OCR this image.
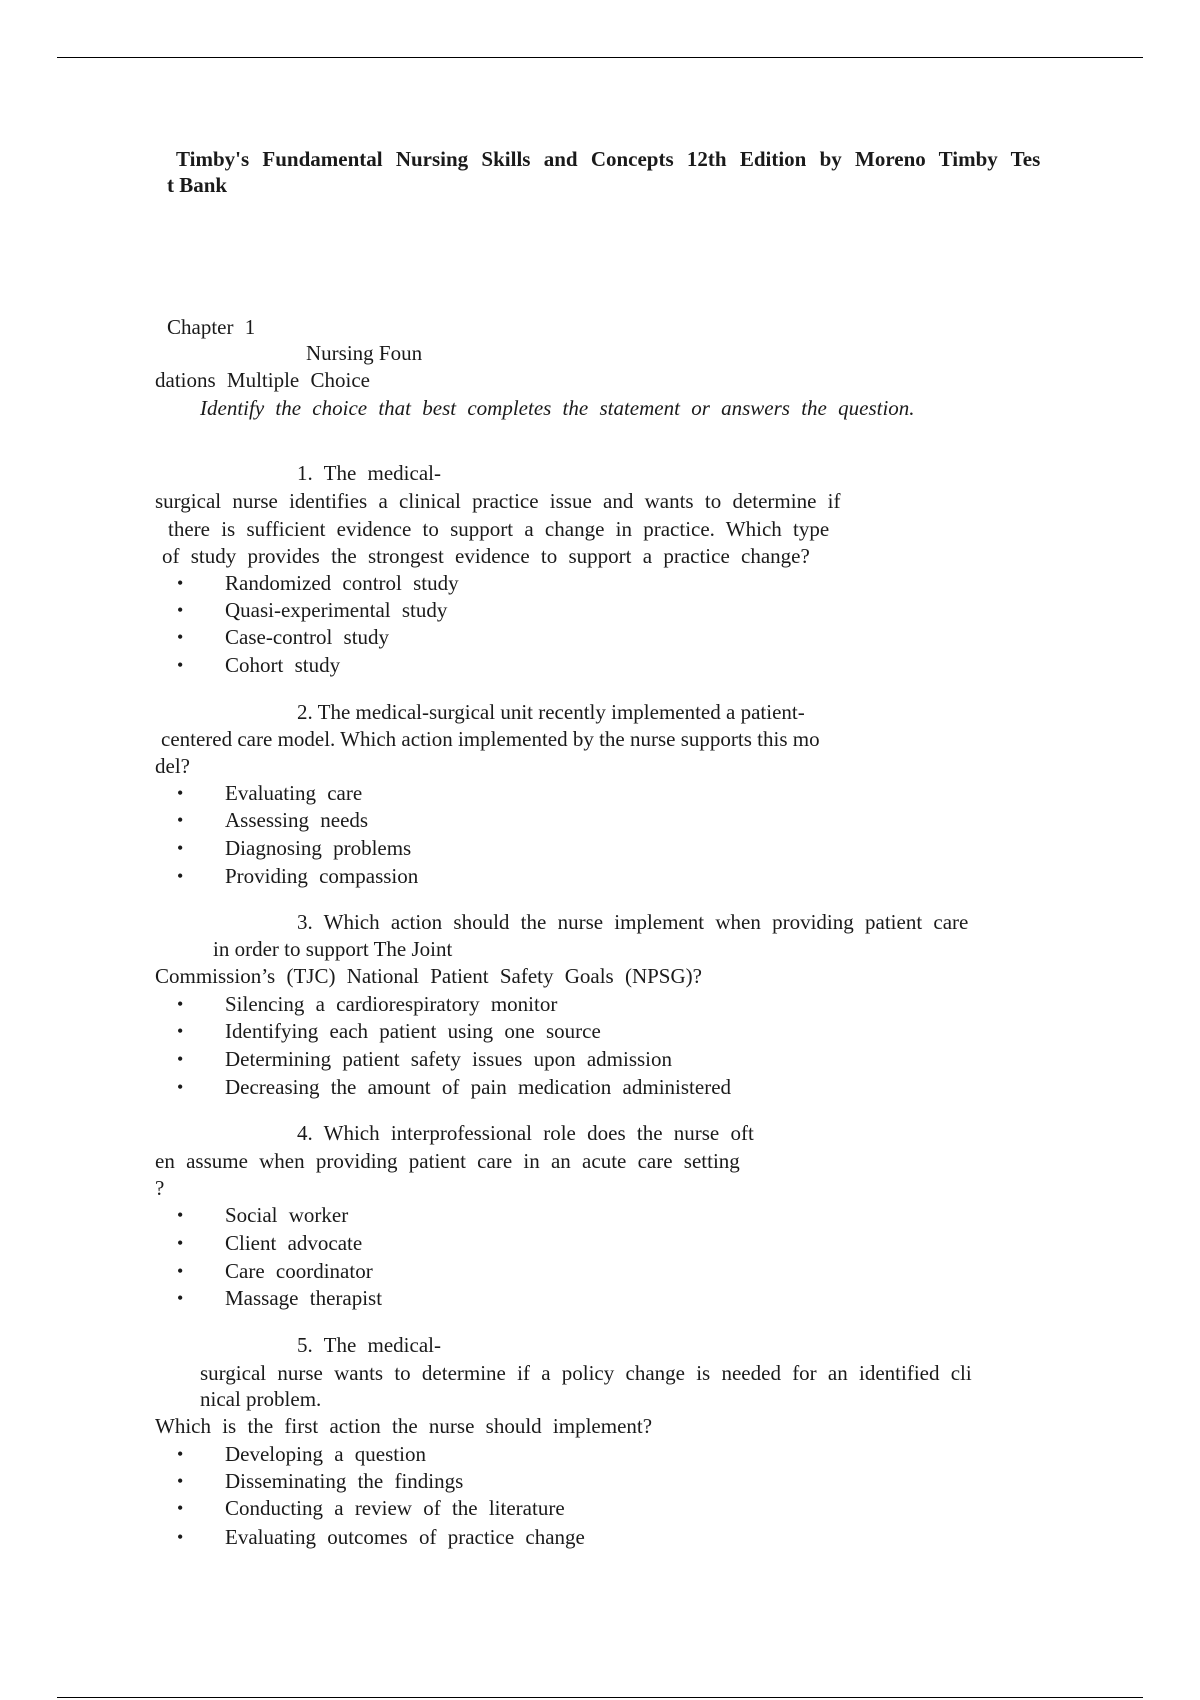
Timby's Fundamental Nursing Skills and Concepts 12th Edition by Moreno Timby Tes
t Bank
Chapter 1
Nursing Foun
dations Multiple Choice
Identify the choice that best completes the statement or answers the question.
1. The medical-
surgical nurse identifies a clinical practice issue and wants to determine if
there is sufficient evidence to support a change in practice. Which type
of study provides the strongest evidence to support a practice change?
• Randomized control study
• Quasi-experimental study
• Case-control study
• Cohort study
2. The medical-surgical unit recently implemented a patient-
centered care model. Which action implemented by the nurse supports this mo
del?
• Evaluating care
• Assessing needs
• Diagnosing problems
• Providing compassion
3. Which action should the nurse implement when providing patient care
in order to support The Joint
Commission’s (TJC) National Patient Safety Goals (NPSG)?
• Silencing a cardiorespiratory monitor
• Identifying each patient using one source
• Determining patient safety issues upon admission
• Decreasing the amount of pain medication administered
4. Which interprofessional role does the nurse oft
en assume when providing patient care in an acute care setting
?
• Social worker
• Client advocate
• Care coordinator
• Massage therapist
5. The medical-
surgical nurse wants to determine if a policy change is needed for an identified cli
nical problem.
Which is the first action the nurse should implement?
• Developing a question
• Disseminating the findings
• Conducting a review of the literature
• Evaluating outcomes of practice change
